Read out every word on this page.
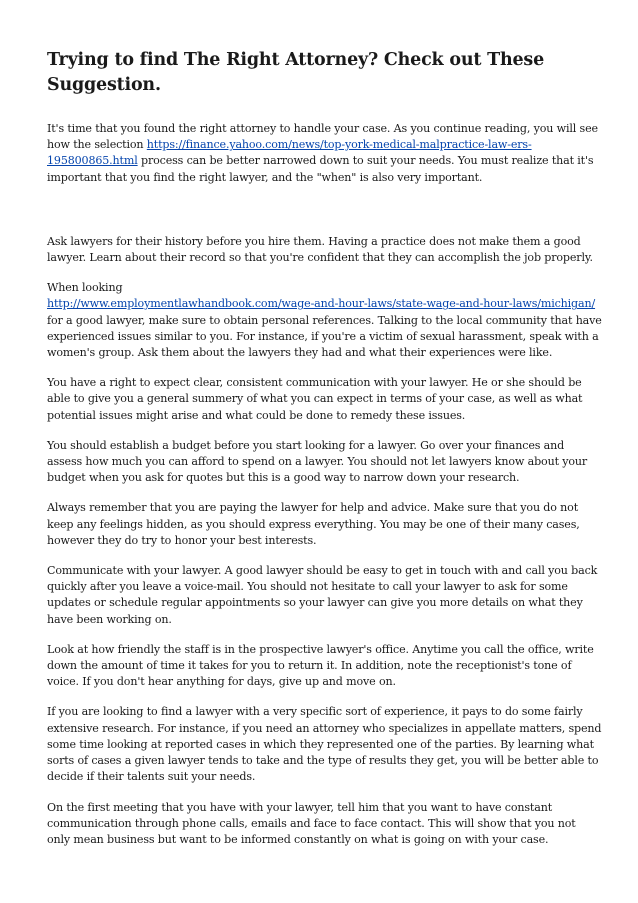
Trying to find The Right Attorney? Check out These Suggestion.

It's time that you found the right attorney to handle your case. As you continue reading, you will see how the selection https://finance.yahoo.com/news/top-york-medical-malpractice-law-ers-195800865.html process can be better narrowed down to suit your needs. You must realize that it's important that you find the right lawyer, and the "when" is also very important.

Ask lawyers for their history before you hire them. Having a practice does not make them a good lawyer. Learn about their record so that you're confident that they can accomplish the job properly.

When looking
http://www.employmentlawhandbook.com/wage-and-hour-laws/state-wage-and-hour-laws/michigan/
for a good lawyer, make sure to obtain personal references. Talking to the local community that have experienced issues similar to you. For instance, if you're a victim of sexual harassment, speak with a women's group. Ask them about the lawyers they had and what their experiences were like.

You have a right to expect clear, consistent communication with your lawyer. He or she should be able to give you a general summery of what you can expect in terms of your case, as well as what potential issues might arise and what could be done to remedy these issues.

You should establish a budget before you start looking for a lawyer. Go over your finances and assess how much you can afford to spend on a lawyer. You should not let lawyers know about your budget when you ask for quotes but this is a good way to narrow down your research.

Always remember that you are paying the lawyer for help and advice. Make sure that you do not keep any feelings hidden, as you should express everything. You may be one of their many cases, however they do try to honor your best interests.

Communicate with your lawyer. A good lawyer should be easy to get in touch with and call you back quickly after you leave a voice-mail. You should not hesitate to call your lawyer to ask for some updates or schedule regular appointments so your lawyer can give you more details on what they have been working on.

Look at how friendly the staff is in the prospective lawyer's office. Anytime you call the office, write down the amount of time it takes for you to return it. In addition, note the receptionist's tone of voice. If you don't hear anything for days, give up and move on.

If you are looking to find a lawyer with a very specific sort of experience, it pays to do some fairly extensive research. For instance, if you need an attorney who specializes in appellate matters, spend some time looking at reported cases in which they represented one of the parties. By learning what sorts of cases a given lawyer tends to take and the type of results they get, you will be better able to decide if their talents suit your needs.

On the first meeting that you have with your lawyer, tell him that you want to have constant communication through phone calls, emails and face to face contact. This will show that you not only mean business but want to be informed constantly on what is going on with your case.
